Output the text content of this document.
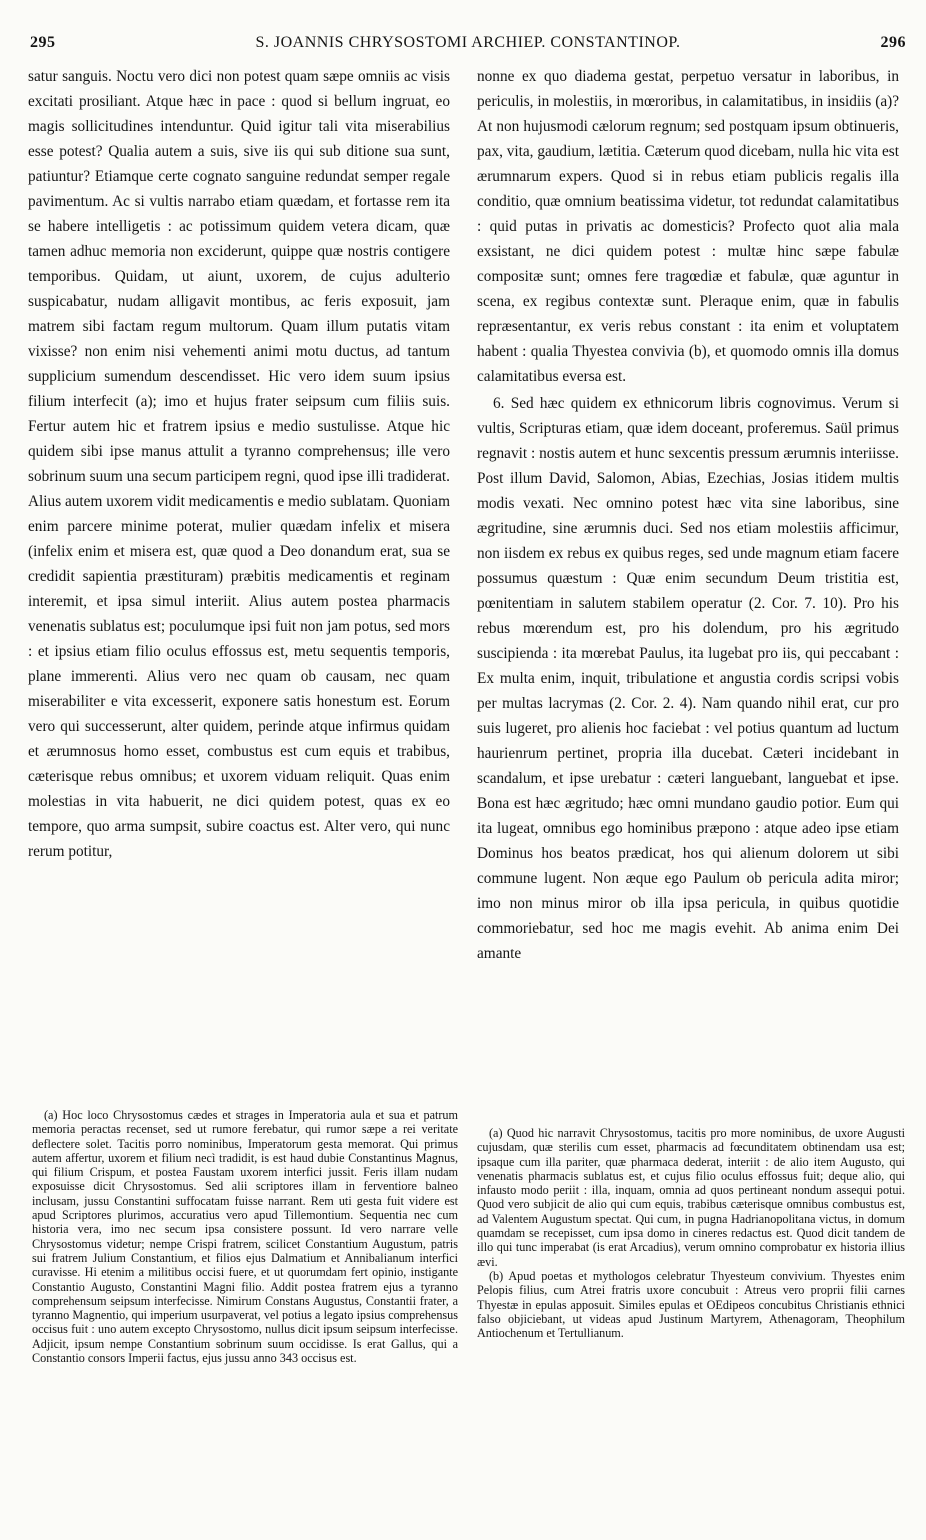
295	S. JOANNIS CHRYSOSTOMI ARCHIEP. CONSTANTINOP.	296

satur sanguis. Noctu vero dici non potest quam sæpe omniis ac visis excitati prosiliant. Atque hæc in pace : quod si bellum ingruat, eo magis sollicitudines intenduntur. Quid igitur tali vita miserabilius esse potest? Qualia autem a suis, sive iis qui sub ditione sua sunt, patiuntur? Etiamque certe cognato sanguine redundat semper regale pavimentum. Ac si vultis narrabo etiam quædam, et fortasse rem ita se habere intelligetis : ac potissimum quidem vetera dicam, quæ tamen adhuc memoria non exciderunt, quippe quæ nostris contigere temporibus. Quidam, ut aiunt, uxorem, de cujus adulterio suspicabatur, nudam alligavit montibus, ac feris exposuit, jam matrem sibi factam regum multorum. Quam illum putatis vitam vixisse? non enim nisi vehementi animi motu ductus, ad tantum supplicium sumendum descendisset. Hic vero idem suum ipsius filium interfecit (a); imo et hujus frater seipsum cum filiis suis. Fertur autem hic et fratrem ipsius e medio sustulisse. Atque hic quidem sibi ipse manus attulit a tyranno comprehensus; ille vero sobrinum suum una secum participem regni, quod ipse illi tradiderat. Alius autem uxorem vidit medicamentis e medio sublatam. Quoniam enim parcere minime poterat, mulier quædam infelix et misera (infelix enim et misera est, quæ quod a Deo donandum erat, sua se credidit sapientia præstituram) præbitis medicamentis et reginam interemit, et ipsa simul interiit. Alius autem postea pharmacis venenatis sublatus est; poculumque ipsi fuit non jam potus, sed mors : et ipsius etiam filio oculus effossus est, metu sequentis temporis, plane immerenti. Alius vero nec quam ob causam, nec quam miserabiliter e vita excesserit, exponere satis honestum est. Eorum vero qui successerunt, alter quidem, perinde atque infirmus quidam et ærumnosus homo esset, combustus est cum equis et trabibus, cæterisque rebus omnibus; et uxorem viduam reliquit. Quas enim molestias in vita habuerit, ne dici quidem potest, quas ex eo tempore, quo arma sumpsit, subire coactus est. Alter vero, qui nunc rerum potitur,

nonne ex quo diadema gestat, perpetuo versatur in laboribus, in periculis, in molestiis, in mœroribus, in calamitatibus, in insidiis (a)? At non hujusmodi cælorum regnum; sed postquam ipsum obtinueris, pax, vita, gaudium, lætitia. Cæterum quod dicebam, nulla hic vita est ærumnarum expers. Quod si in rebus etiam publicis regalis illa conditio, quæ omnium beatissima videtur, tot redundat calamitatibus : quid putas in privatis ac domesticis? Profecto quot alia mala exsistant, ne dici quidem potest : multæ hinc sæpe fabulæ compositæ sunt; omnes fere tragœdiæ et fabulæ, quæ aguntur in scena, ex regibus contextæ sunt. Pleraque enim, quæ in fabulis repræsentantur, ex veris rebus constant : ita enim et voluptatem habent : qualia Thyestea convivia (b), et quomodo omnis illa domus calamitatibus eversa est.

6. Sed hæc quidem ex ethnicorum libris cognovimus. Verum si vultis, Scripturas etiam, quæ idem doceant, proferemus. Saül primus regnavit : nostis autem et hunc sexcentis pressum ærumnis interiisse. Post illum David, Salomon, Abias, Ezechias, Josias itidem multis modis vexati. Nec omnino potest hæc vita sine laboribus, sine ægritudine, sine ærumnis duci. Sed nos etiam molestiis afficimur, non iisdem ex rebus ex quibus reges, sed unde magnum etiam facere possumus quæstum : Quæ enim secundum Deum tristitia est, pœnitentiam in salutem stabilem operatur (2. Cor. 7. 10). Pro his rebus mœrendum est, pro his dolendum, pro his ægritudo suscipienda : ita mœrebat Paulus, ita lugebat pro iis, qui peccabant : Ex multa enim, inquit, tribulatione et angustia cordis scripsi vobis per multas lacrymas (2. Cor. 2. 4). Nam quando nihil erat, cur pro suis lugeret, pro alienis hoc faciebat : vel potius quantum ad luctum haurienrum pertinet, propria illa ducebat. Cæteri incidebant in scandalum, et ipse urebatur : cæteri languebant, languebat et ipse. Bona est hæc ægritudo; hæc omni mundano gaudio potior. Eum qui ita lugeat, omnibus ego hominibus præpono : atque adeo ipse etiam Dominus hos beatos prædicat, hos qui alienum dolorem ut sibi commune lugent. Non æque ego Paulum ob pericula adita miror; imo non minus miror ob illa ipsa pericula, in quibus quotidie commoriebatur, sed hoc me magis evehit. Ab anima enim Dei amante

(a) Hoc loco Chrysostomus cædes et strages in Imperatoria aula et sua et patrum memoria peractas recenset, sed ut rumore ferebatur, qui rumor sæpe a rei veritate deflectere solet. Tacitis porro nominibus, Imperatorum gesta memorat. Qui primus autem affertur, uxorem et filium necì tradidit, is est haud dubie Constantinus Magnus, qui filium Crispum, et postea Faustam uxorem interfici jussit. Feris illam nudam exposuisse dicit Chrysostomus. Sed alii scriptores illam in ferventiore balneo inclusam, jussu Constantini suffocatam fuisse narrant. Rem uti gesta fuit videre est apud Scriptores plurimos, accuratius vero apud Tillemontium. Sequentia nec cum historia vera, imo nec secum ipsa consistere possunt. Id vero narrare velle Chrysostomus videtur; nempe Crispi fratrem, scilicet Constantium Augustum, patris sui fratrem Julium Constantium, et filios ejus Dalmatium et Annibalianum interfici curavisse. Hi etenim a militibus occisi fuere, et ut quorumdam fert opinio, instigante Constantio Augusto, Constantini Magni filio. Addit postea fratrem ejus a tyranno comprehensum seipsum interfecisse. Nimirum Constans Augustus, Constantii frater, a tyranno Magnentio, qui imperium usurpaverat, vel potius a legato ipsius comprehensus occisus fuit : uno autem excepto Chrysostomo, nullus dicit ipsum seipsum interfecisse. Adjicit, ipsum nempe Constantium sobrinum suum occidisse. Is erat Gallus, qui a Constantio consors Imperii factus, ejus jussu anno 343 occisus est.

(a) Quod hic narravit Chrysostomus, tacitis pro more nominibus, de uxore Augusti cujusdam, quæ sterilis cum esset, pharmacis ad fœcunditatem obtinendam usa est; ipsaque cum illa pariter, quæ pharmaca dederat, interiit : de alio item Augusto, qui venenatis pharmacis sublatus est, et cujus filio oculus effossus fuit; deque alio, qui infausto modo periit : illa, inquam, omnia ad quos pertineant nondum assequi potui. Quod vero subjicit de alio qui cum equis, trabibus cæterisque omnibus combustus est, ad Valentem Augustum spectat. Qui cum, in pugna Hadrianopolitana victus, in domum quamdam se recepisset, cum ipsa domo in cineres redactus est. Quod dicit tandem de illo qui tunc imperabat (is erat Arcadius), verum omnino comprobatur ex historia illius ævi.

(b) Apud poetas et mythologos celebratur Thyesteum convivium. Thyestes enim Pelopis filius, cum Atrei fratris uxore concubuit : Atreus vero proprii filii carnes Thyestæ in epulas apposuit. Similes epulas et OEdipeos concubitus Christianis ethnici falso objiciebant, ut videas apud Justinum Martyrem, Athenagoram, Theophilum Antiochenum et Tertullianum.
